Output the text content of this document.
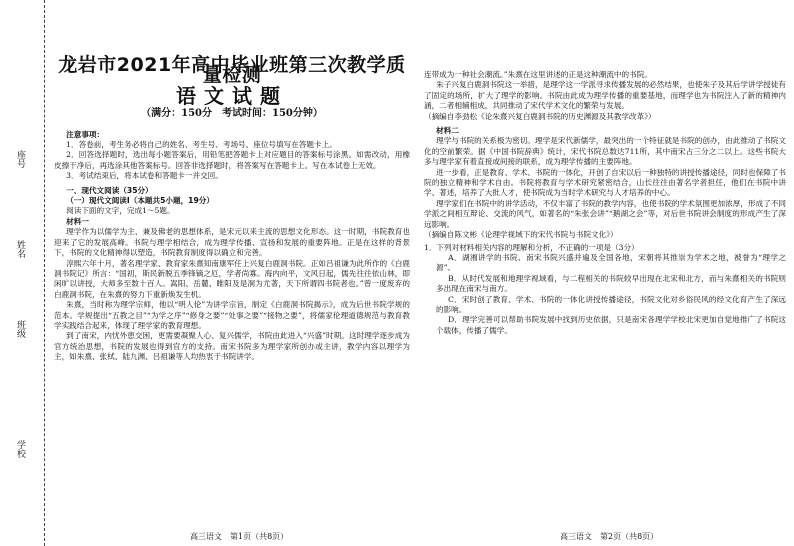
座号
姓名
班级
学校
龙岩市2021年高中毕业班第三次教学质量检测
语文试题
（满分：150分　考试时间：150分钟）

注意事项：

1．答卷前，考生务必将自己的姓名、考生号、考场号、座位号填写在答题卡上。

2．回答选择题时，选出每小题答案后，用铅笔把答题卡上对应题目的答案标号涂黑。如需改动，用橡皮擦干净后，再选涂其他答案标号。回答非选择题时，将答案写在答题卡上。写在本试卷上无效。

3．考试结束后，将本试卷和答题卡一并交回。

一、现代文阅读（35分）

（一）现代文阅读Ⅰ（本题共5小题，19分）

阅读下面的文字，完成1～5题。

材料一

理学作为以儒学为主、兼及佛老的思想体系，是宋元以来主流的思想文化形态。这一时期，书院教育也迎来了它的发展高峰。书院与理学相结合，成为理学传播、宣扬和发展的重要阵地。正是在这样的背景下，书院的文化精神得以塑造，书院教育制度得以确立和完善。

淳熙六年十月，著名理学家、教育家朱熹知南康军任上兴复白鹿洞书院。正如吕祖谦为此所作的《白鹿洞书院记》所言：“国初，斯民新脱五季锋镝之厄，学者尚寡。海内向平，文风日起，儒先往往依山林，即闲旷以讲授，大师多至数十百人。嵩阳、岳麓、睢阳及是洞为尤著，天下所谓四书院者也。”曾一度废弃的白鹿洞书院，在朱熹的努力下重新焕发生机。

朱熹，当时称为理学宗师，他以“明人伦”为讲学宗旨，制定《白鹿洞书院揭示》，成为后世书院学规的范本。学规提出“五教之目”“为学之序”“修身之要”“处事之要”“接物之要”，将儒家伦理道德规范与教育教学实践结合起来，体现了理学家的教育理想。

到了南宋，内忧外患交困，更需要凝聚人心、复兴儒学，书院由此进入“兴盛”时期。这时理学逐步成为官方统治思想，书院的发展也得到官方的支持。南宋书院多为理学家所创办或主讲，教学内容以理学为主，如朱熹、张栻、陆九渊、吕祖谦等人均热衷于书院讲学。

高三语文　第1页（共8页）

连带成为一种社会潮流。”朱熹在这里讲述的正是这种潮流中的书院。

朱子兴复白鹿洞书院这一举措，是理学这一学派寻求传播发展的必然结果，也使朱子及其后学讲学授徒有了固定的场所，扩大了理学的影响。书院由此成为理学传播的重要基地，而理学也为书院注入了新的精神内涵，二者相辅相成，共同推动了宋代学术文化的繁荣与发展。

（摘编自李劲松《论朱熹兴复白鹿洞书院的历史渊源及其教学改革》）

材料二

理学与书院的关系极为密切。理学是宋代新儒学，最突出的一个特征就是书院的创办，由此推动了书院文化的空前繁荣。据《中国书院辞典》统计，宋代书院总数达711所，其中南宋占三分之二以上。这些书院大多与理学家有着直接或间接的联系，成为理学传播的主要阵地。

进一步看，正是教育、学术、书院的一体化，开创了自宋以后一种独特的讲授传播途径，同时也保障了书院的独立精神和学术自由。书院将教育与学术研究紧密结合，山长往往由著名学者担任，他们在书院中讲学、著述，培养了大批人才，使书院成为当时学术研究与人才培养的中心。

理学家们在书院中的讲学活动，不仅丰富了书院的教学内容，也使书院的学术氛围更加浓厚，形成了不同学派之间相互辩论、交流的风气，如著名的“朱张会讲”“鹅湖之会”等，对后世书院讲会制度的形成产生了深远影响。

（摘编自陈文彬《论理学视域下的宋代书院与书院文化》）

1．下列对材料相关内容的理解和分析，不正确的一项是（3分）

A．湖湘讲学的书院、南宋书院兴盛并遍及全国各地，宋朝将其推崇为学术之地，被誉为“理学之源”。

B．从时代发展和地理学视域看，与二程相关的书院较早出现在北宋和北方，而与朱熹相关的书院则多出现在南宋与南方。

C．宋时创了教育、学术、书院的一体化讲授传播途径，书院文化对乡俗民风的经文化育产生了深远的影响。

D．理学完善可以帮助书院发展中找到历史依据，只是南宋各理学学校北宋更加自觉地推广了书院这个载体，传播了儒学。

高三语文　第2页（共8页）
